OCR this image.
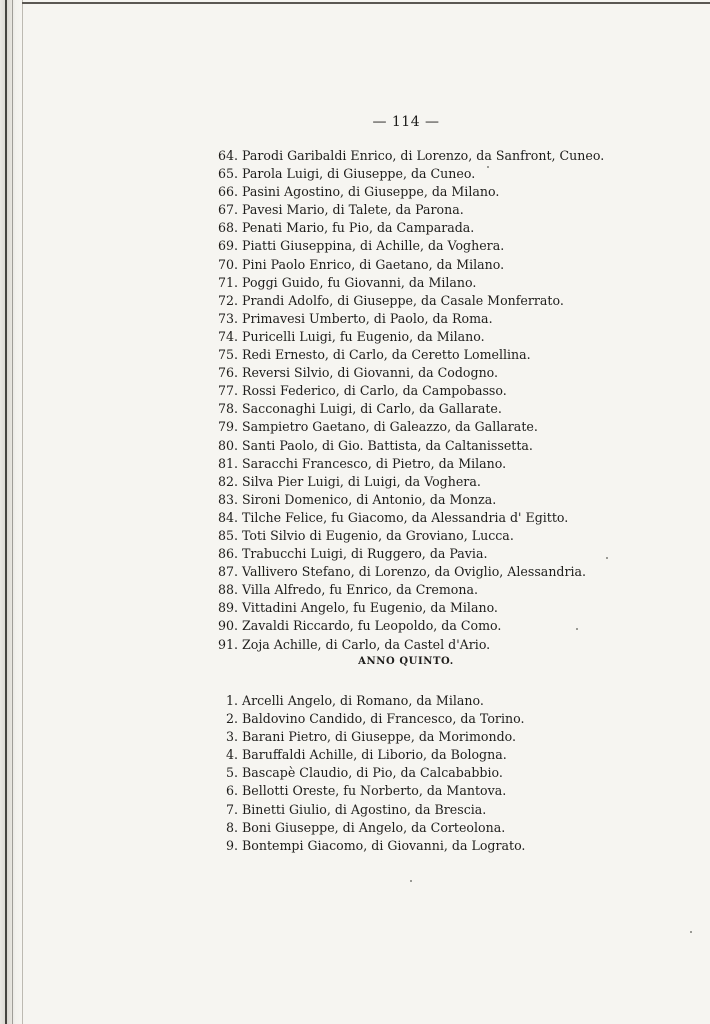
— 114 —
64. Parodi Garibaldi Enrico, di Lorenzo, da Sanfront, Cuneo.
65. Parola Luigi, di Giuseppe, da Cuneo.
66. Pasini Agostino, di Giuseppe, da Milano.
67. Pavesi Mario, di Talete, da Parona.
68. Penati Mario, fu Pio, da Camparada.
69. Piatti Giuseppina, di Achille, da Voghera.
70. Pini Paolo Enrico, di Gaetano, da Milano.
71. Poggi Guido, fu Giovanni, da Milano.
72. Prandi Adolfo, di Giuseppe, da Casale Monferrato.
73. Primavesi Umberto, di Paolo, da Roma.
74. Puricelli Luigi, fu Eugenio, da Milano.
75. Redi Ernesto, di Carlo, da Ceretto Lomellina.
76. Reversi Silvio, di Giovanni, da Codogno.
77. Rossi Federico, di Carlo, da Campobasso.
78. Sacconaghi Luigi, di Carlo, da Gallarate.
79. Sampietro Gaetano, di Galeazzo, da Gallarate.
80. Santi Paolo, di Gio. Battista, da Caltanissetta.
81. Saracchi Francesco, di Pietro, da Milano.
82. Silva Pier Luigi, di Luigi, da Voghera.
83. Sironi Domenico, di Antonio, da Monza.
84. Tilche Felice, fu Giacomo, da Alessandria d' Egitto.
85. Toti Silvio di Eugenio, da Groviano, Lucca.
86. Trabucchi Luigi, di Ruggero, da Pavia.
87. Vallivero Stefano, di Lorenzo, da Oviglio, Alessandria.
88. Villa Alfredo, fu Enrico, da Cremona.
89. Vittadini Angelo, fu Eugenio, da Milano.
90. Zavaldi Riccardo, fu Leopoldo, da Como.
91. Zoja Achille, di Carlo, da Castel d'Ario.
ANNO QUINTO.
1. Arcelli Angelo, di Romano, da Milano.
2. Baldovino Candido, di Francesco, da Torino.
3. Barani Pietro, di Giuseppe, da Morimondo.
4. Baruffaldi Achille, di Liborio, da Bologna.
5. Bascapè Claudio, di Pio, da Calcababbio.
6. Bellotti Oreste, fu Norberto, da Mantova.
7. Binetti Giulio, di Agostino, da Brescia.
8. Boni Giuseppe, di Angelo, da Corteolona.
9. Bontempi Giacomo, di Giovanni, da Lograto.
